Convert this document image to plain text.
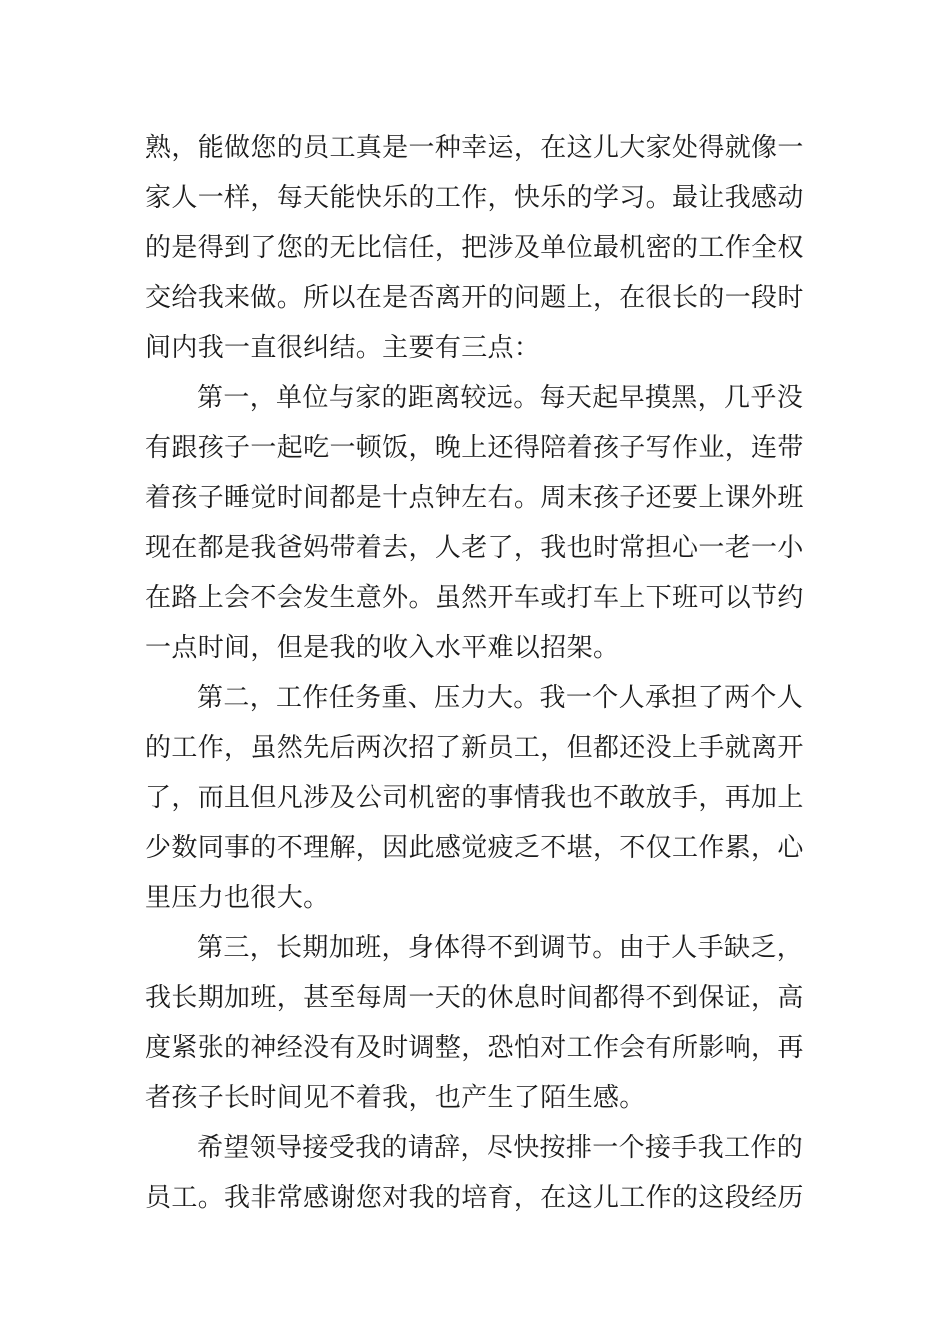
熟，能做您的员工真是一种幸运，在这儿大家处得就像一
家人一样，每天能快乐的工作，快乐的学习。最让我感动
的是得到了您的无比信任，把涉及单位最机密的工作全权
交给我来做。所以在是否离开的问题上，在很长的一段时
间内我一直很纠结。主要有三点：
第一，单位与家的距离较远。每天起早摸黑，几乎没
有跟孩子一起吃一顿饭，晚上还得陪着孩子写作业，连带
着孩子睡觉时间都是十点钟左右。周末孩子还要上课外班
现在都是我爸妈带着去，人老了，我也时常担心一老一小
在路上会不会发生意外。虽然开车或打车上下班可以节约
一点时间，但是我的收入水平难以招架。
第二，工作任务重、压力大。我一个人承担了两个人
的工作，虽然先后两次招了新员工，但都还没上手就离开
了，而且但凡涉及公司机密的事情我也不敢放手，再加上
少数同事的不理解，因此感觉疲乏不堪，不仅工作累，心
里压力也很大。
第三，长期加班，身体得不到调节。由于人手缺乏，
我长期加班，甚至每周一天的休息时间都得不到保证，高
度紧张的神经没有及时调整，恐怕对工作会有所影响，再
者孩子长时间见不着我，也产生了陌生感。
希望领导接受我的请辞，尽快按排一个接手我工作的
员工。我非常感谢您对我的培育，在这儿工作的这段经历
